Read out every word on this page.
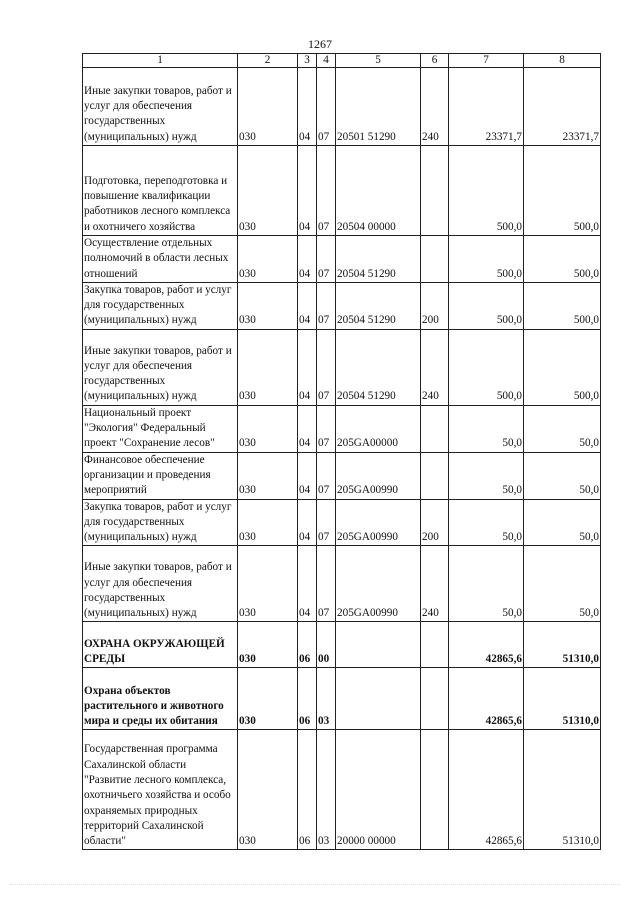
1267
1	2	3	4	5	6	7	8
Иные закупки товаров, работ и услуг для обеспечения государственных (муниципальных) нужд	030	04	07	20501 51290	240	23371,7	23371,7
Подготовка, переподготовка и повышение квалификации работников лесного комплекса и охотничего хозяйства	030	04	07	20504 00000		500,0	500,0
Осуществление отдельных полномочий в области лесных отношений	030	04	07	20504 51290		500,0	500,0
Закупка товаров, работ и услуг для государственных (муниципальных) нужд	030	04	07	20504 51290	200	500,0	500,0
Иные закупки товаров, работ и услуг для обеспечения государственных (муниципальных) нужд	030	04	07	20504 51290	240	500,0	500,0
Национальный проект "Экология" Федеральный проект "Сохранение лесов"	030	04	07	205GA00000		50,0	50,0
Финансовое обеспечение организации и проведения мероприятий	030	04	07	205GA00990		50,0	50,0
Закупка товаров, работ и услуг для государственных (муниципальных) нужд	030	04	07	205GA00990	200	50,0	50,0
Иные закупки товаров, работ и услуг для обеспечения государственных (муниципальных) нужд	030	04	07	205GA00990	240	50,0	50,0
ОХРАНА ОКРУЖАЮЩЕЙ СРЕДЫ	030	06	00			42865,6	51310,0
Охрана объектов растительного и животного мира и среды их обитания	030	06	03			42865,6	51310,0
Государственная программа Сахалинской области "Развитие лесного комплекса, охотничьего хозяйства и особо охраняемых природных территорий Сахалинской области"	030	06	03	20000 00000		42865,6	51310,0
